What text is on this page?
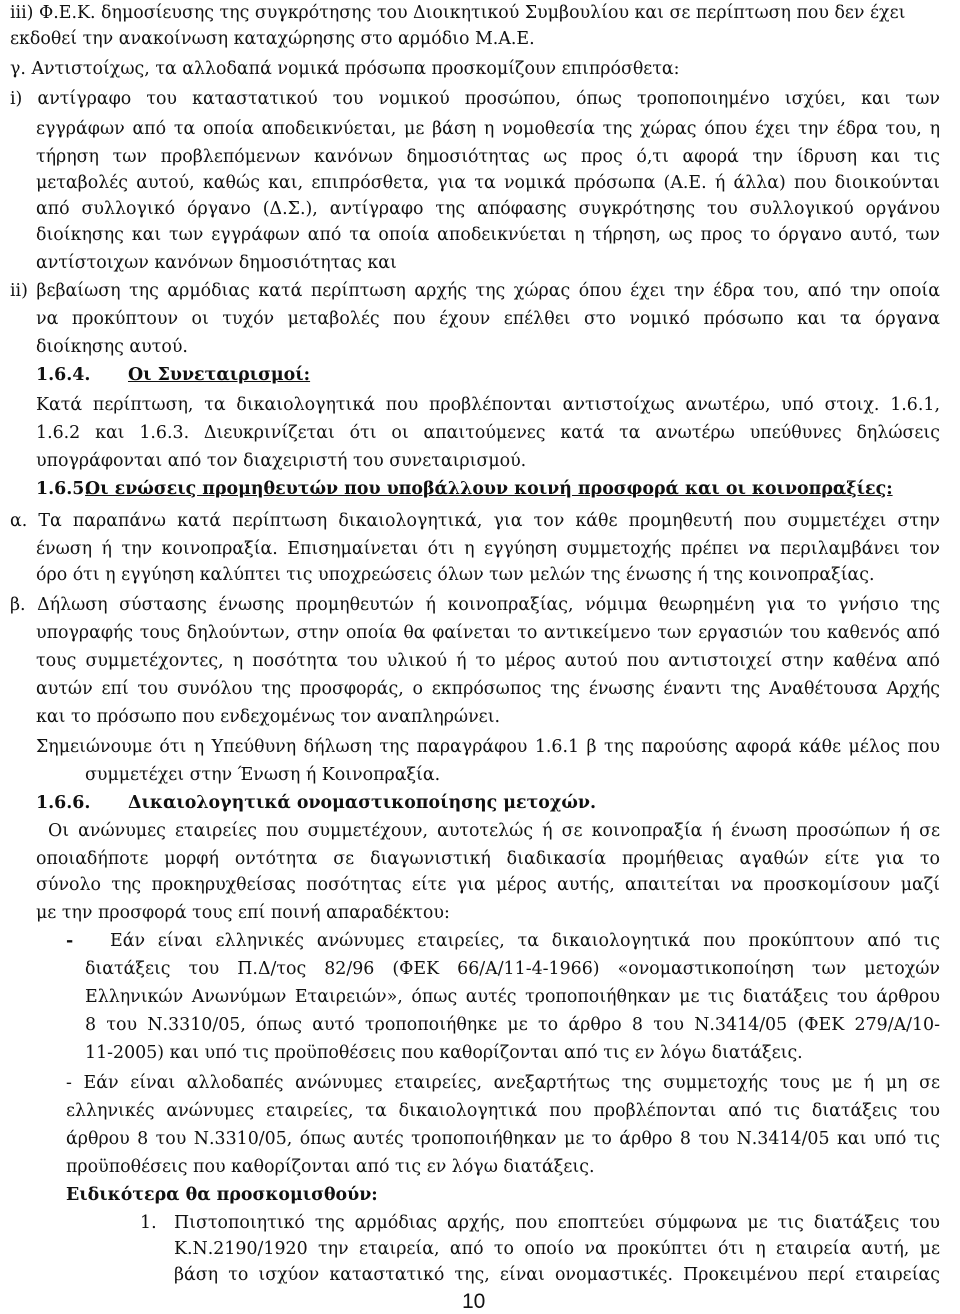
iii) Φ.Ε.Κ. δημοσίευσης της συγκρότησης του Διοικητικού Συμβουλίου και σε περίπτωση που δεν έχει
εκδοθεί την ανακοίνωση καταχώρησης στο αρμόδιο Μ.Α.Ε.
γ. Αντιστοίχως, τα αλλοδαπά νομικά πρόσωπα προσκομίζουν επιπρόσθετα:
i) αντίγραφο του καταστατικού του νομικού προσώπου, όπως τροποποιημένο ισχύει, και των
εγγράφων από τα οποία αποδεικνύεται, με βάση η νομοθεσία της χώρας όπου έχει την έδρα του, η
τήρηση των προβλεπόμενων κανόνων δημοσιότητας ως προς ό,τι αφορά την ίδρυση και τις
μεταβολές αυτού, καθώς και, επιπρόσθετα, για τα νομικά πρόσωπα (Α.Ε. ή άλλα) που διοικούνται
από συλλογικό όργανο (Δ.Σ.), αντίγραφο της απόφασης συγκρότησης του συλλογικού οργάνου
διοίκησης και των εγγράφων από τα οποία αποδεικνύεται η τήρηση, ως προς το όργανο αυτό, των
αντίστοιχων κανόνων δημοσιότητας και
ii) βεβαίωση της αρμόδιας κατά περίπτωση αρχής της χώρας όπου έχει την έδρα του, από την οποία
να προκύπτουν οι τυχόν μεταβολές που έχουν επέλθει στο νομικό πρόσωπο και τα όργανα
διοίκησης αυτού.
1.6.4. Οι Συνεταιρισμοί:
Κατά περίπτωση, τα δικαιολογητικά που προβλέπονται αντιστοίχως ανωτέρω, υπό στοιχ. 1.6.1,
1.6.2 και 1.6.3. Διευκρινίζεται ότι οι απαιτούμενες κατά τα ανωτέρω υπεύθυνες δηλώσεις
υπογράφονται από τον διαχειριστή του συνεταιρισμού.
1.6.5.
Οι ενώσεις προμηθευτών που υποβάλλουν κοινή προσφορά και οι κοινοπραξίες:
α. Τα παραπάνω κατά περίπτωση δικαιολογητικά, για τον κάθε προμηθευτή που συμμετέχει στην
ένωση ή την κοινοπραξία. Επισημαίνεται ότι η εγγύηση συμμετοχής πρέπει να περιλαμβάνει τον
όρο ότι η εγγύηση καλύπτει τις υποχρεώσεις όλων των μελών της ένωσης ή της κοινοπραξίας.
β. Δήλωση σύστασης ένωσης προμηθευτών ή κοινοπραξίας, νόμιμα θεωρημένη για το γνήσιο της
υπογραφής τους δηλούντων, στην οποία θα φαίνεται το αντικείμενο των εργασιών του καθενός από
τους συμμετέχοντες, η ποσότητα του υλικού ή το μέρος αυτού που αντιστοιχεί στην καθένα από
αυτών επί του συνόλου της προσφοράς, ο εκπρόσωπος της ένωσης έναντι της Αναθέτουσα Αρχής
και το πρόσωπο που ενδεχομένως τον αναπληρώνει.
Σημειώνουμε ότι η Υπεύθυνη δήλωση της παραγράφου 1.6.1 β της παρούσης αφορά κάθε μέλος που
συμμετέχει στην Ένωση ή Κοινοπραξία.
1.6.6. Δικαιολογητικά ονομαστικοποίησης μετοχών.
Οι ανώνυμες εταιρείες που συμμετέχουν, αυτοτελώς ή σε κοινοπραξία ή ένωση προσώπων ή σε
οποιαδήποτε μορφή οντότητα σε διαγωνιστική διαδικασία προμήθειας αγαθών είτε για το
σύνολο της προκηρυχθείσας ποσότητας είτε για μέρος αυτής, απαιτείται να προσκομίσουν μαζί
με την προσφορά τους επί ποινή απαραδέκτου:
- Εάν είναι ελληνικές ανώνυμες εταιρείες, τα δικαιολογητικά που προκύπτουν από τις
διατάξεις του Π.Δ/τος 82/96 (ΦΕΚ 66/Α/11-4-1966) «ονομαστικοποίηση των μετοχών
Ελληνικών Ανωνύμων Εταιρειών», όπως αυτές τροποποιήθηκαν με τις διατάξεις του άρθρου
8 του Ν.3310/05, όπως αυτό τροποποιήθηκε με το άρθρο 8 του Ν.3414/05 (ΦΕΚ 279/Α/10-
11-2005) και υπό τις προϋποθέσεις που καθορίζονται από τις εν λόγω διατάξεις.
- Εάν είναι αλλοδαπές ανώνυμες εταιρείες, ανεξαρτήτως της συμμετοχής τους με ή μη σε
ελληνικές ανώνυμες εταιρείες, τα δικαιολογητικά που προβλέπονται από τις διατάξεις του
άρθρου 8 του Ν.3310/05, όπως αυτές τροποποιήθηκαν με το άρθρο 8 του Ν.3414/05 και υπό τις
προϋποθέσεις που καθορίζονται από τις εν λόγω διατάξεις.
Ειδικότερα θα προσκομισθούν:
1. Πιστοποιητικό της αρμόδιας αρχής, που εποπτεύει σύμφωνα με τις διατάξεις του
Κ.Ν.2190/1920 την εταιρεία, από το οποίο να προκύπτει ότι η εταιρεία αυτή, με
βάση το ισχύον καταστατικό της, είναι ονομαστικές. Προκειμένου περί εταιρείας
10
